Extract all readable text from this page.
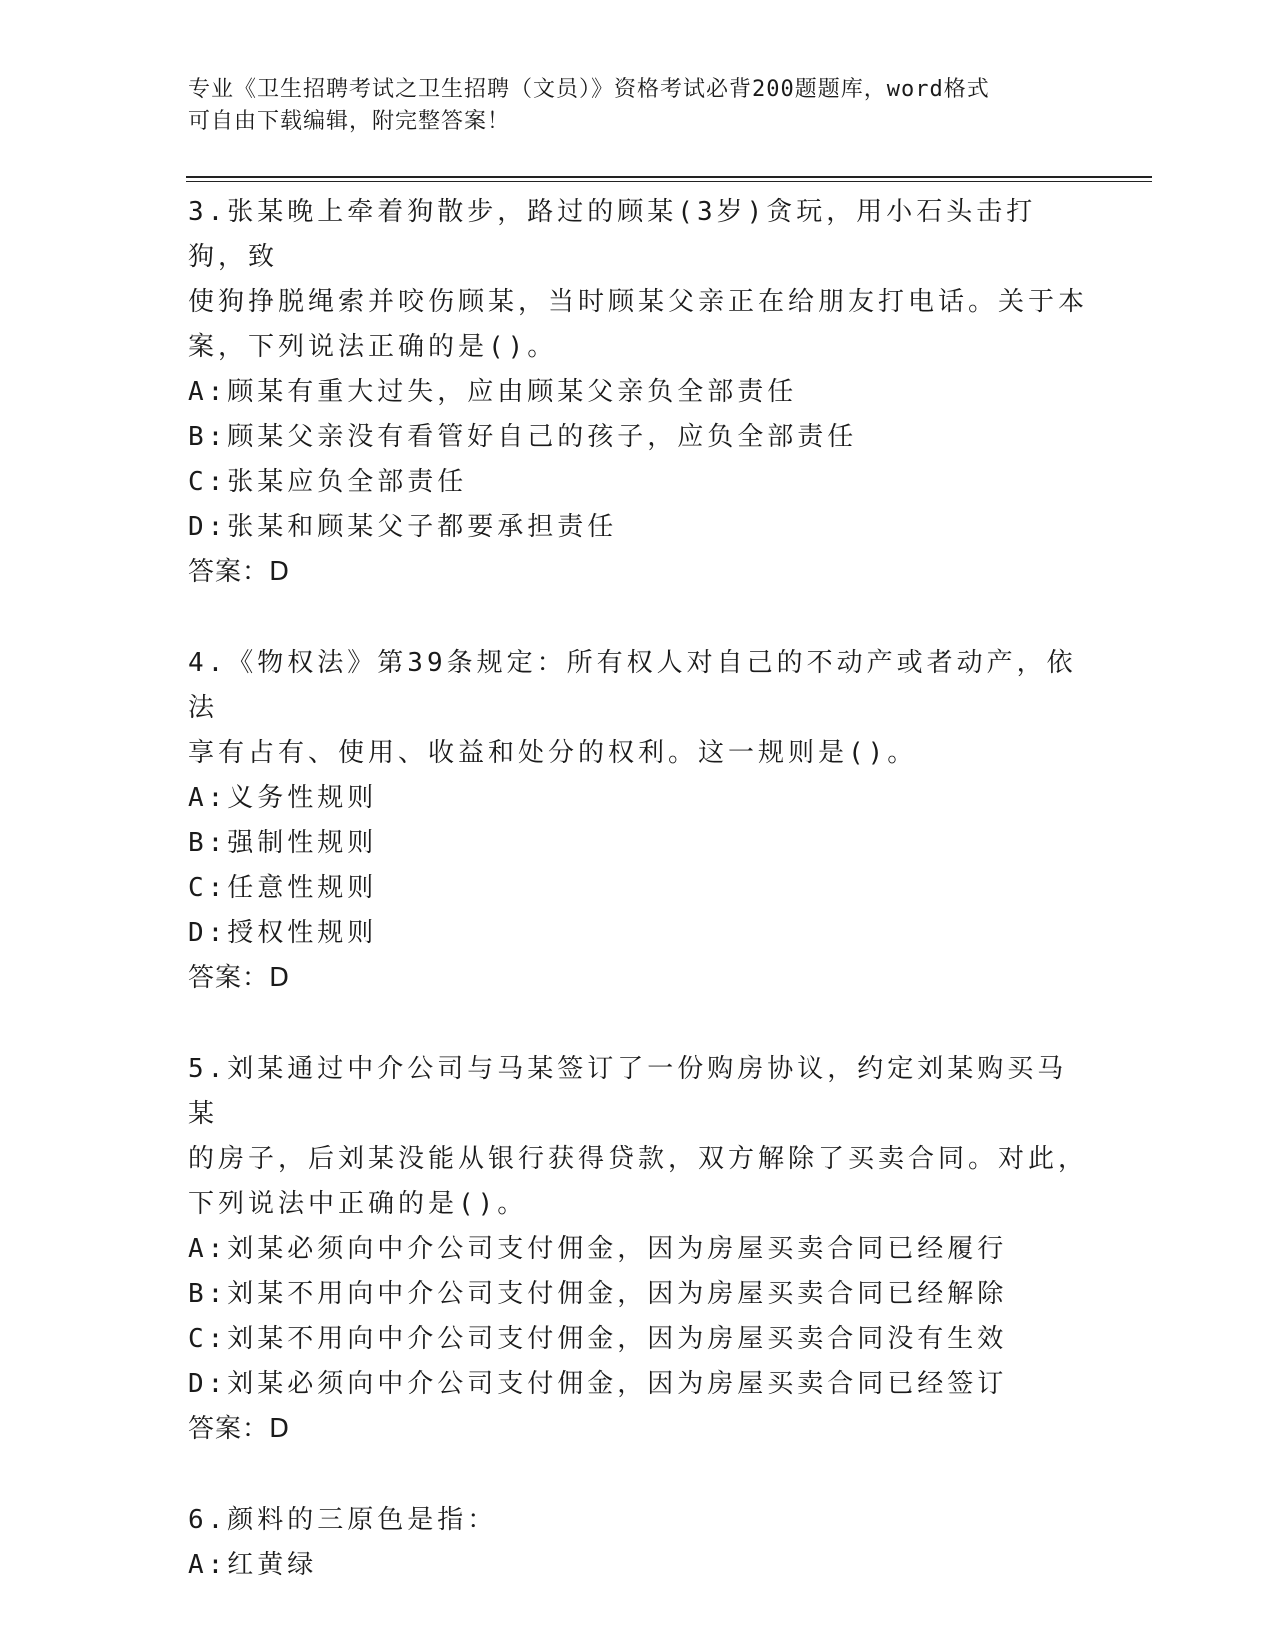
专业《卫生招聘考试之卫生招聘（文员）》资格考试必背200题题库，word格式
可自由下载编辑，附完整答案！
3.张某晚上牵着狗散步，路过的顾某(3岁)贪玩，用小石头击打狗，致
使狗挣脱绳索并咬伤顾某，当时顾某父亲正在给朋友打电话。关于本
案，下列说法正确的是()。
A:顾某有重大过失，应由顾某父亲负全部责任
B:顾某父亲没有看管好自己的孩子，应负全部责任
C:张某应负全部责任
D:张某和顾某父子都要承担责任
答案：D
4.《物权法》第39条规定：所有权人对自己的不动产或者动产，依法
享有占有、使用、收益和处分的权利。这一规则是()。
A:义务性规则
B:强制性规则
C:任意性规则
D:授权性规则
答案：D
5.刘某通过中介公司与马某签订了一份购房协议，约定刘某购买马某
的房子，后刘某没能从银行获得贷款，双方解除了买卖合同。对此，
下列说法中正确的是()。
A:刘某必须向中介公司支付佣金，因为房屋买卖合同已经履行
B:刘某不用向中介公司支付佣金，因为房屋买卖合同已经解除
C:刘某不用向中介公司支付佣金，因为房屋买卖合同没有生效
D:刘某必须向中介公司支付佣金，因为房屋买卖合同已经签订
答案：D
6.颜料的三原色是指：
A:红黄绿
